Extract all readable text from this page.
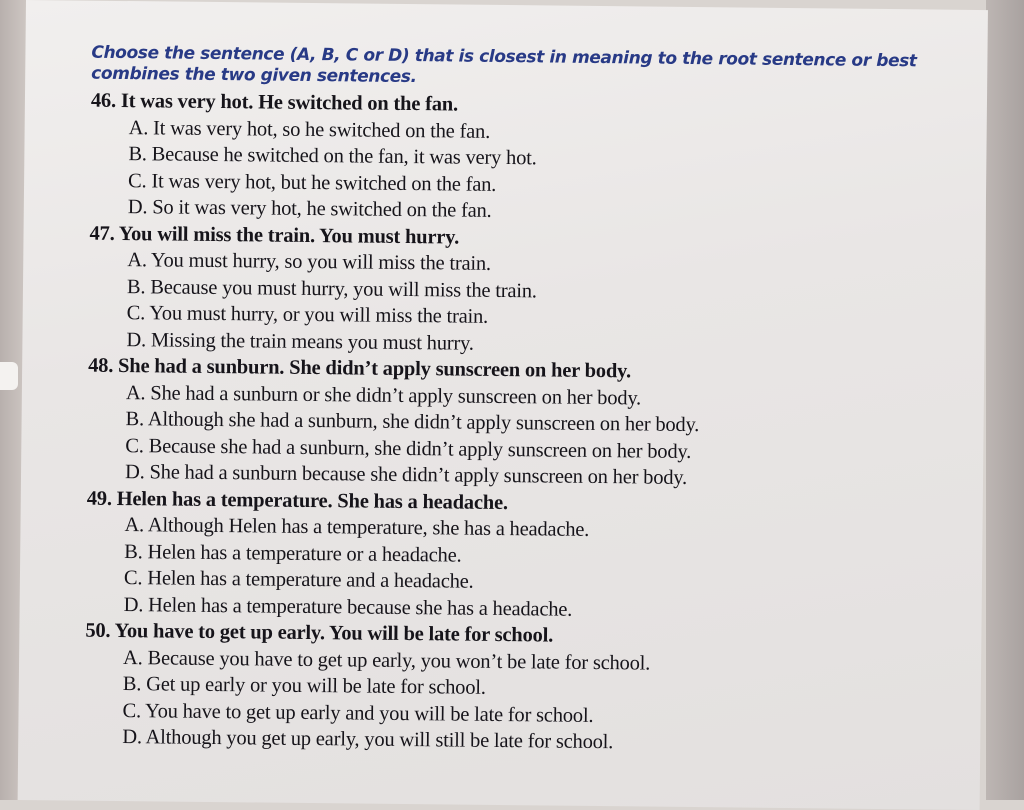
Choose the sentence (A, B, C or D) that is closest in meaning to the root sentence or best combines the two given sentences.
46. It was very hot. He switched on the fan.
A. It was very hot, so he switched on the fan.
B. Because he switched on the fan, it was very hot.
C. It was very hot, but he switched on the fan.
D. So it was very hot, he switched on the fan.
47. You will miss the train. You must hurry.
A. You must hurry, so you will miss the train.
B. Because you must hurry, you will miss the train.
C. You must hurry, or you will miss the train.
D. Missing the train means you must hurry.
48. She had a sunburn. She didn’t apply sunscreen on her body.
A. She had a sunburn or she didn’t apply sunscreen on her body.
B. Although she had a sunburn, she didn’t apply sunscreen on her body.
C. Because she had a sunburn, she didn’t apply sunscreen on her body.
D. She had a sunburn because she didn’t apply sunscreen on her body.
49. Helen has a temperature. She has a headache.
A. Although Helen has a temperature, she has a headache.
B. Helen has a temperature or a headache.
C. Helen has a temperature and a headache.
D. Helen has a temperature because she has a headache.
50. You have to get up early. You will be late for school.
A. Because you have to get up early, you won’t be late for school.
B. Get up early or you will be late for school.
C. You have to get up early and you will be late for school.
D. Although you get up early, you will still be late for school.
